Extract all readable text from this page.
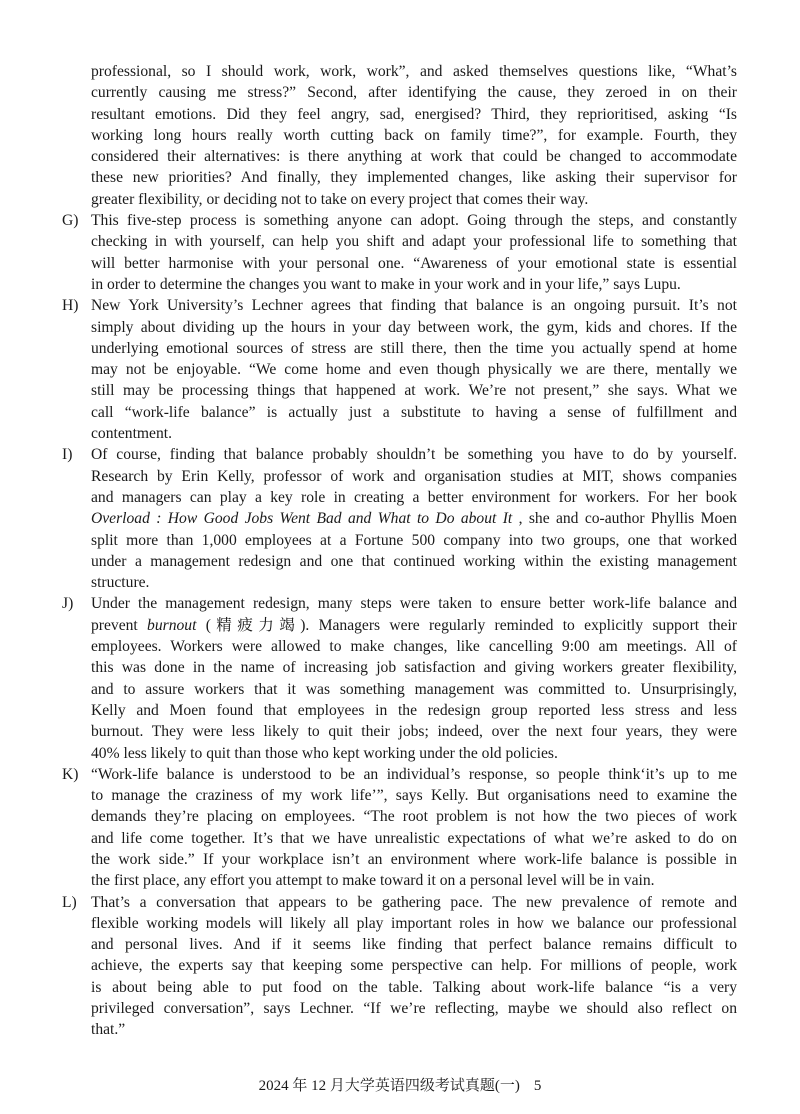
professional, so I should work, work, work”, and asked themselves questions like, “What’s
currently causing me stress?” Second, after identifying the cause, they zeroed in on their
resultant emotions. Did they feel angry, sad, energised? Third, they reprioritised, asking “Is
working long hours really worth cutting back on family time?”, for example. Fourth, they
considered their alternatives: is there anything at work that could be changed to accommodate
these new priorities? And finally, they implemented changes, like asking their supervisor for
greater flexibility, or deciding not to take on every project that comes their way.
G) This five-step process is something anyone can adopt. Going through the steps, and constantly
checking in with yourself, can help you shift and adapt your professional life to something that
will better harmonise with your personal one. “Awareness of your emotional state is essential
in order to determine the changes you want to make in your work and in your life,” says Lupu.
H) New York University’s Lechner agrees that finding that balance is an ongoing pursuit. It’s not
simply about dividing up the hours in your day between work, the gym, kids and chores. If the
underlying emotional sources of stress are still there, then the time you actually spend at home
may not be enjoyable. “We come home and even though physically we are there, mentally we
still may be processing things that happened at work. We’re not present,” she says. What we
call “work-life balance” is actually just a substitute to having a sense of fulfillment and
contentment.
I) Of course, finding that balance probably shouldn’t be something you have to do by yourself.
Research by Erin Kelly, professor of work and organisation studies at MIT, shows companies
and managers can play a key role in creating a better environment for workers. For her book
Overload : How Good Jobs Went Bad and What to Do about It , she and co-author Phyllis Moen
split more than 1,000 employees at a Fortune 500 company into two groups, one that worked
under a management redesign and one that continued working within the existing management
structure.
J) Under the management redesign, many steps were taken to ensure better work-life balance and
prevent burnout (精疲力竭). Managers were regularly reminded to explicitly support their
employees. Workers were allowed to make changes, like cancelling 9:00 am meetings. All of
this was done in the name of increasing job satisfaction and giving workers greater flexibility,
and to assure workers that it was something management was committed to. Unsurprisingly,
Kelly and Moen found that employees in the redesign group reported less stress and less
burnout. They were less likely to quit their jobs; indeed, over the next four years, they were
40% less likely to quit than those who kept working under the old policies.
K) “Work-life balance is understood to be an individual’s response, so people think‘it’s up to me
to manage the craziness of my work life’”, says Kelly. But organisations need to examine the
demands they’re placing on employees. “The root problem is not how the two pieces of work
and life come together. It’s that we have unrealistic expectations of what we’re asked to do on
the work side.” If your workplace isn’t an environment where work-life balance is possible in
the first place, any effort you attempt to make toward it on a personal level will be in vain.
L) That’s a conversation that appears to be gathering pace. The new prevalence of remote and
flexible working models will likely all play important roles in how we balance our professional
and personal lives. And if it seems like finding that perfect balance remains difficult to
achieve, the experts say that keeping some perspective can help. For millions of people, work
is about being able to put food on the table. Talking about work-life balance “is a very
privileged conversation”, says Lechner. “If we’re reflecting, maybe we should also reflect on
that.”
2024 年 12 月大学英语四级考试真题(一) 5
